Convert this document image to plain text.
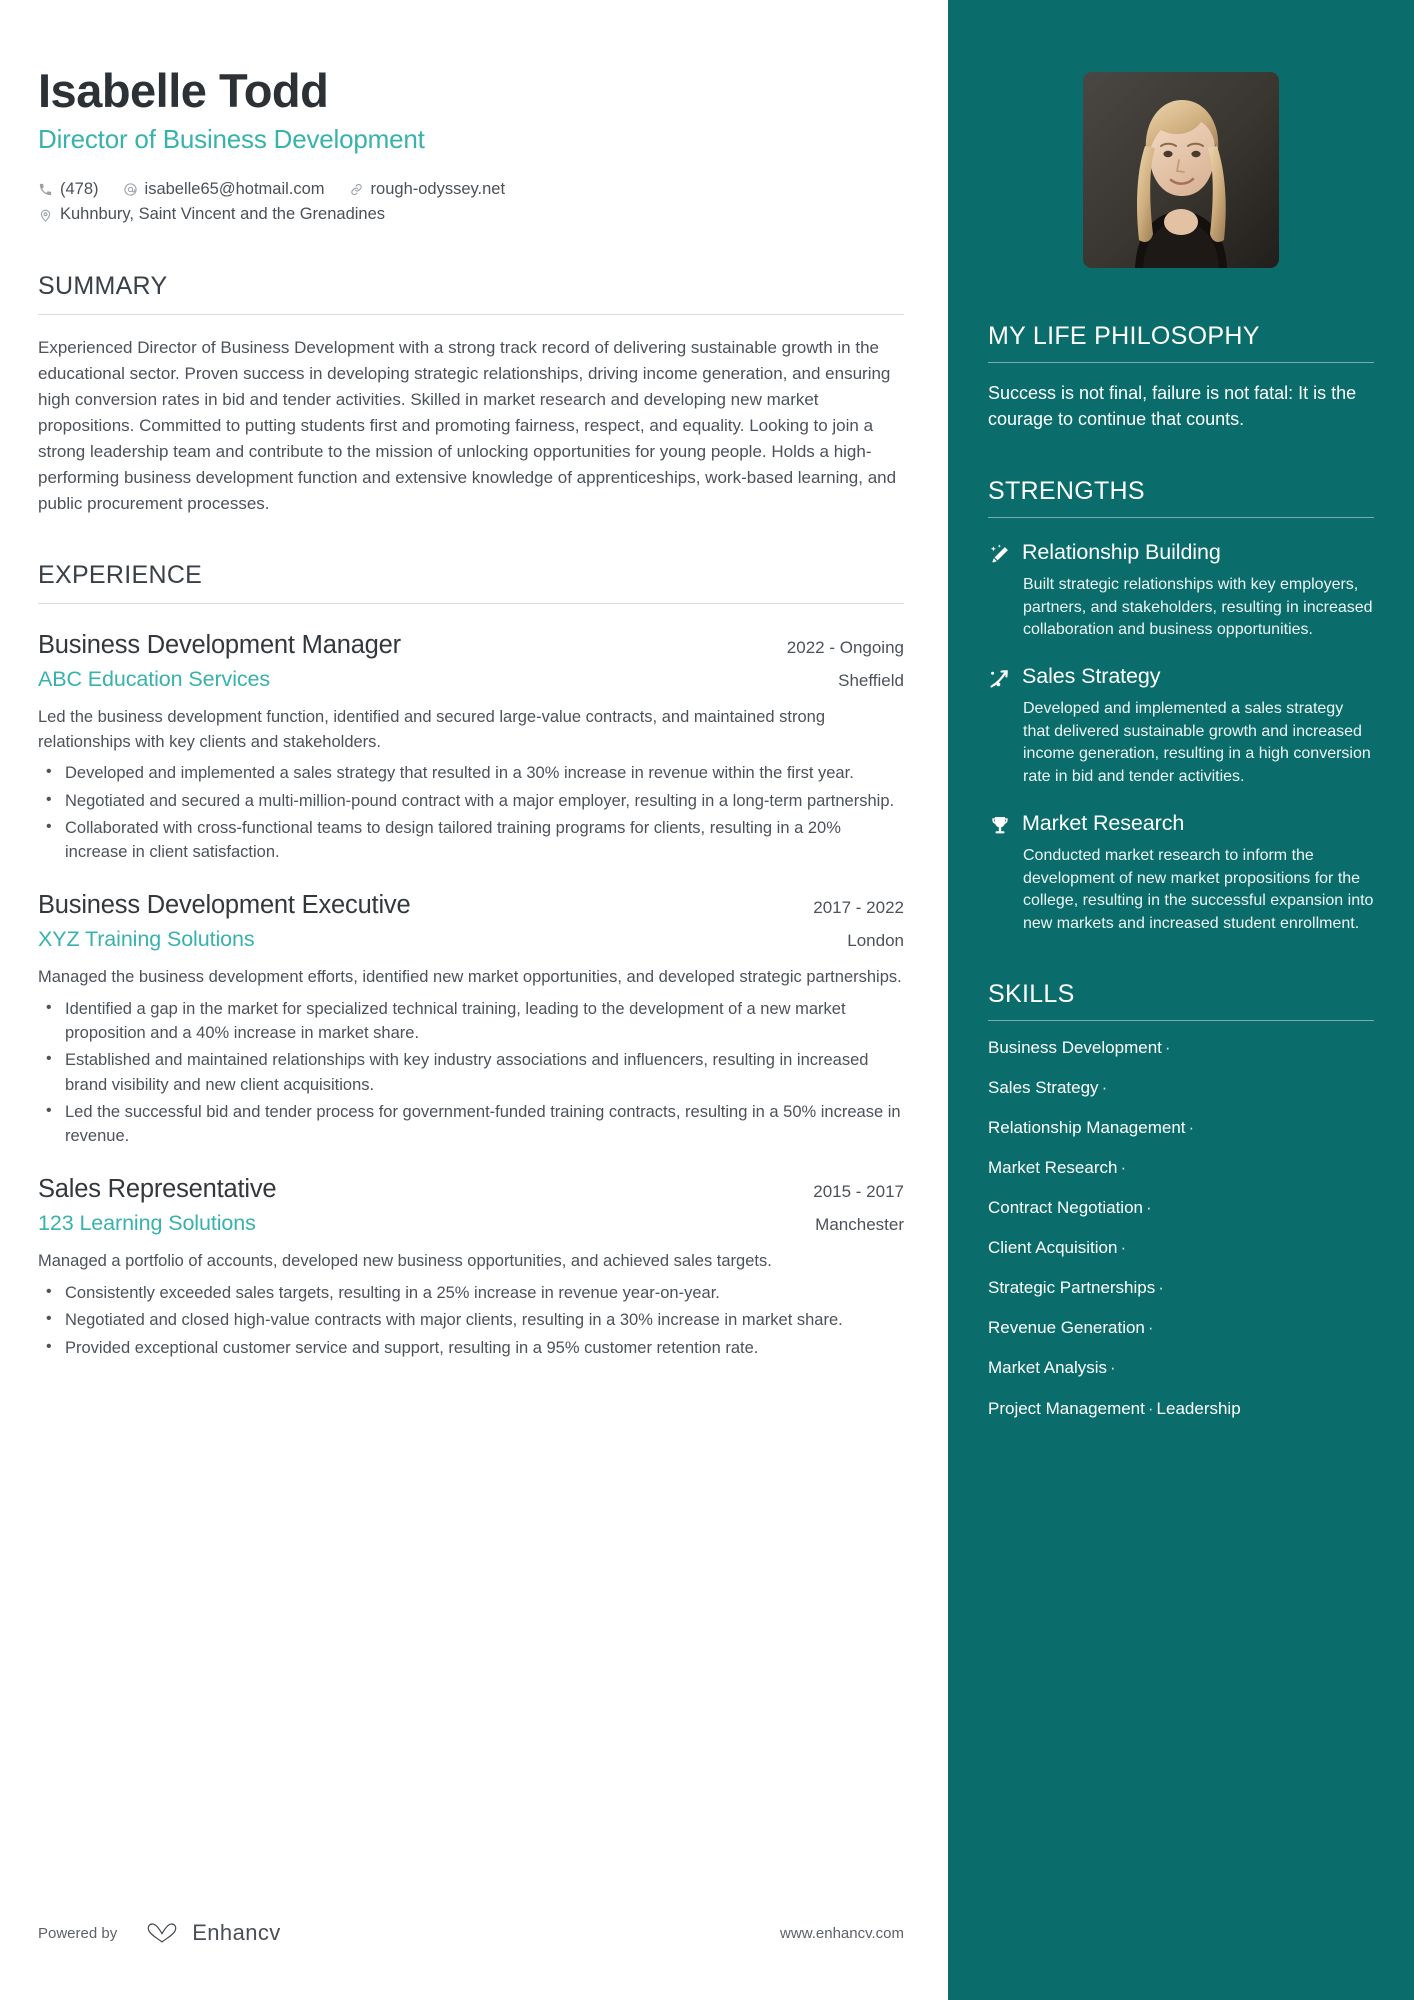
Isabelle Todd
Director of Business Development
(478)	isabelle65@hotmail.com	rough-odyssey.net
Kuhnbury, Saint Vincent and the Grenadines
SUMMARY
Experienced Director of Business Development with a strong track record of delivering sustainable growth in the educational sector. Proven success in developing strategic relationships, driving income generation, and ensuring high conversion rates in bid and tender activities. Skilled in market research and developing new market propositions. Committed to putting students first and promoting fairness, respect, and equality. Looking to join a strong leadership team and contribute to the mission of unlocking opportunities for young people. Holds a high-performing business development function and extensive knowledge of apprenticeships, work-based learning, and public procurement processes.
EXPERIENCE
Business Development Manager	2022 - Ongoing
ABC Education Services	Sheffield
Led the business development function, identified and secured large-value contracts, and maintained strong relationships with key clients and stakeholders.
• Developed and implemented a sales strategy that resulted in a 30% increase in revenue within the first year.
• Negotiated and secured a multi-million-pound contract with a major employer, resulting in a long-term partnership.
• Collaborated with cross-functional teams to design tailored training programs for clients, resulting in a 20% increase in client satisfaction.
Business Development Executive	2017 - 2022
XYZ Training Solutions	London
Managed the business development efforts, identified new market opportunities, and developed strategic partnerships.
• Identified a gap in the market for specialized technical training, leading to the development of a new market proposition and a 40% increase in market share.
• Established and maintained relationships with key industry associations and influencers, resulting in increased brand visibility and new client acquisitions.
• Led the successful bid and tender process for government-funded training contracts, resulting in a 50% increase in revenue.
Sales Representative	2015 - 2017
123 Learning Solutions	Manchester
Managed a portfolio of accounts, developed new business opportunities, and achieved sales targets.
• Consistently exceeded sales targets, resulting in a 25% increase in revenue year-on-year.
• Negotiated and closed high-value contracts with major clients, resulting in a 30% increase in market share.
• Provided exceptional customer service and support, resulting in a 95% customer retention rate.
Powered by	Enhancv	www.enhancv.com
MY LIFE PHILOSOPHY
Success is not final, failure is not fatal: It is the courage to continue that counts.
STRENGTHS
Relationship Building
Built strategic relationships with key employers, partners, and stakeholders, resulting in increased collaboration and business opportunities.
Sales Strategy
Developed and implemented a sales strategy that delivered sustainable growth and increased income generation, resulting in a high conversion rate in bid and tender activities.
Market Research
Conducted market research to inform the development of new market propositions for the college, resulting in the successful expansion into new markets and increased student enrollment.
SKILLS
Business Development ·
Sales Strategy ·
Relationship Management ·
Market Research ·
Contract Negotiation ·
Client Acquisition ·
Strategic Partnerships ·
Revenue Generation ·
Market Analysis ·
Project Management · Leadership
